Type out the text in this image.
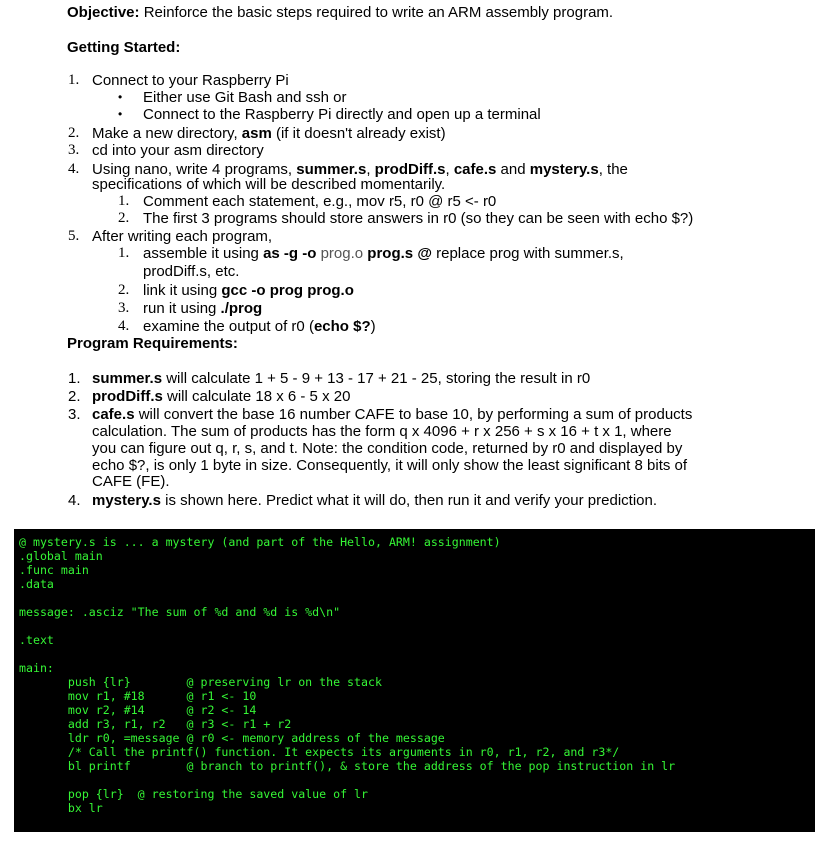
Objective: Reinforce the basic steps required to write an ARM assembly program.
Getting Started:
1. Connect to your Raspberry Pi
• Either use Git Bash and ssh or
• Connect to the Raspberry Pi directly and open up a terminal
2. Make a new directory, asm (if it doesn't already exist)
3. cd into your asm directory
4. Using nano, write 4 programs, summer.s, prodDiff.s, cafe.s and mystery.s, the
specifications of which will be described momentarily.
1. Comment each statement, e.g., mov r5, r0 @ r5 <- r0
2. The first 3 programs should store answers in r0 (so they can be seen with echo $?)
5. After writing each program,
1. assemble it using as -g -o prog.o prog.s @ replace prog with summer.s,
prodDiff.s, etc.
2. link it using gcc -o prog prog.o
3. run it using ./prog
4. examine the output of r0 (echo $?)
Program Requirements:
1. summer.s will calculate 1 + 5 - 9 + 13 - 17 + 21 - 25, storing the result in r0
2. prodDiff.s will calculate 18 x 6 - 5 x 20
3. cafe.s will convert the base 16 number CAFE to base 10, by performing a sum of products
calculation. The sum of products has the form q x 4096 + r x 256 + s x 16 + t x 1, where
you can figure out q, r, s, and t. Note: the condition code, returned by r0 and displayed by
echo $?, is only 1 byte in size. Consequently, it will only show the least significant 8 bits of
CAFE (FE).
4. mystery.s is shown here. Predict what it will do, then run it and verify your prediction.
@ mystery.s is ... a mystery (and part of the Hello, ARM! assignment)
.global main
.func main
.data
message: .asciz "The sum of %d and %d is %d\n"
.text
main:
push {lr}        @ preserving lr on the stack
mov r1, #18      @ r1 <- 10
mov r2, #14      @ r2 <- 14
add r3, r1, r2   @ r3 <- r1 + r2
ldr r0, =message @ r0 <- memory address of the message
/* Call the printf() function. It expects its arguments in r0, r1, r2, and r3*/
bl printf        @ branch to printf(), & store the address of the pop instruction in lr
pop {lr}  @ restoring the saved value of lr
bx lr
